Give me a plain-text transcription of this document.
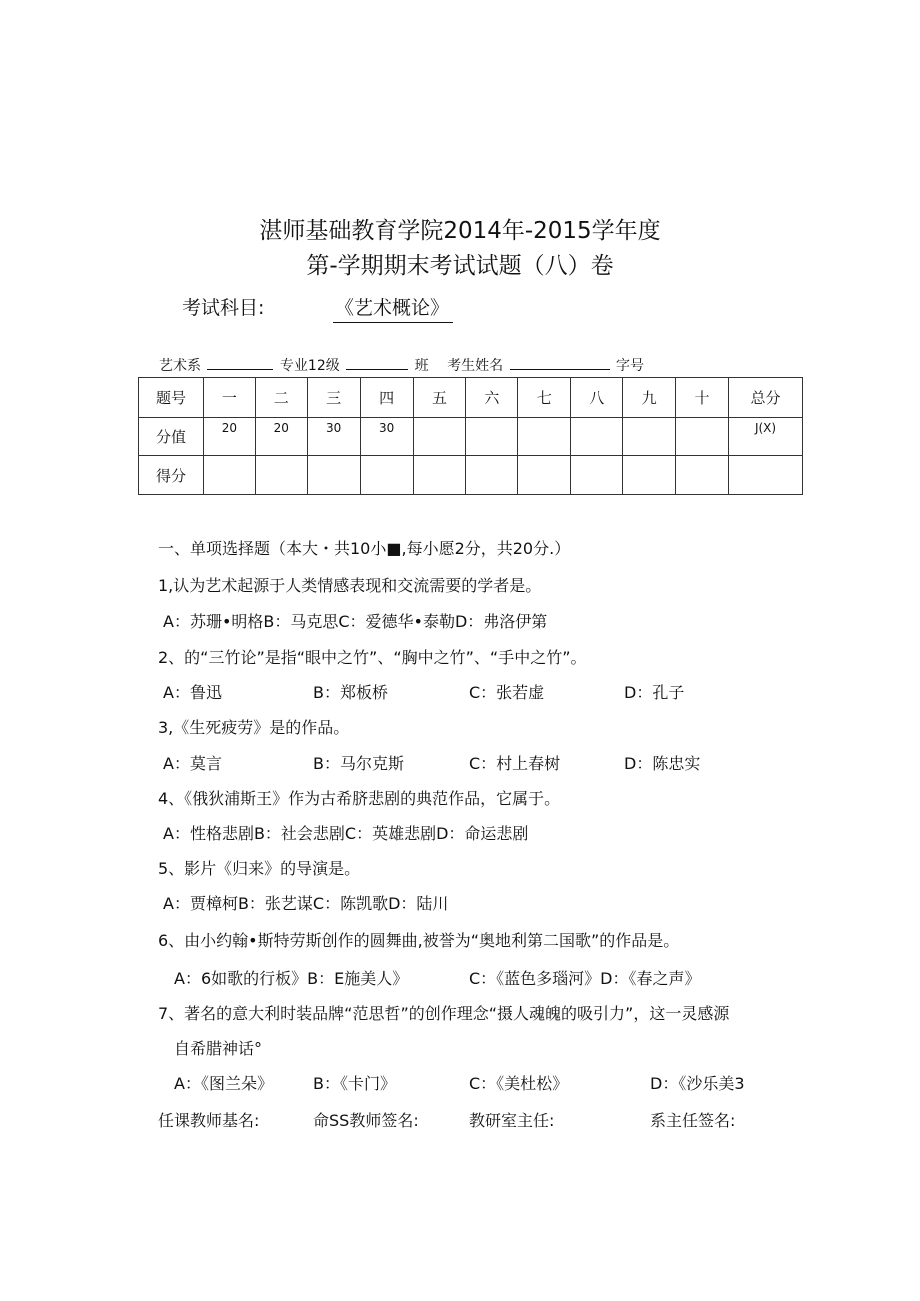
湛师基础教育学院2014年-2015学年度
第-学期期末考试试题（八）卷
考试科目:	《艺术概论》
艺术系	专业12级	班 考生姓名	字号
题号	一	二	三	四	五	六	七	八	九	十	总分
分值	20	20	30	30							J(X)
得分											
一、单项选择题（本大・共10小■,每小愿2分，共20分.）
1,认为艺术起源于人类情感表现和交流需要的学者是。
A：苏珊•明格B：马克思C：爱德华•泰勒D：弗洛伊第
2、的“三竹论”是指“眼中之竹”、“胸中之竹”、“手中之竹”。
A：鲁迅	B：郑板桥	C：张若虚	D：孔子
3,《生死疲劳》是的作品。
A：莫言	B：马尔克斯	C：村上春树	D：陈忠实
4、《俄狄浦斯王》作为古希脐悲剧的典范作品，它属于。
A：性格悲剧B：社会悲剧C：英雄悲剧D：命运悲剧
5、影片《归来》的导演是。
A：贾樟柯B：张艺谋C：陈凯歌D：陆川
6、由小约翰•斯特劳斯创作的圆舞曲,被誉为“奥地利第二国歌”的作品是。
A：6如歌的行板》B：E施美人》	C：《蓝色多瑙河》D：《春之声》
7、著名的意大利时装品牌“范思哲”的创作理念“摄人魂魄的吸引力”，这一灵感源
自希腊神话°
A：《图兰朵》	B：《卡门》	C：《美杜松》	D：《沙乐美3
任课教师基名:	命SS教师签名:	教研室主任:	系主任签名:
